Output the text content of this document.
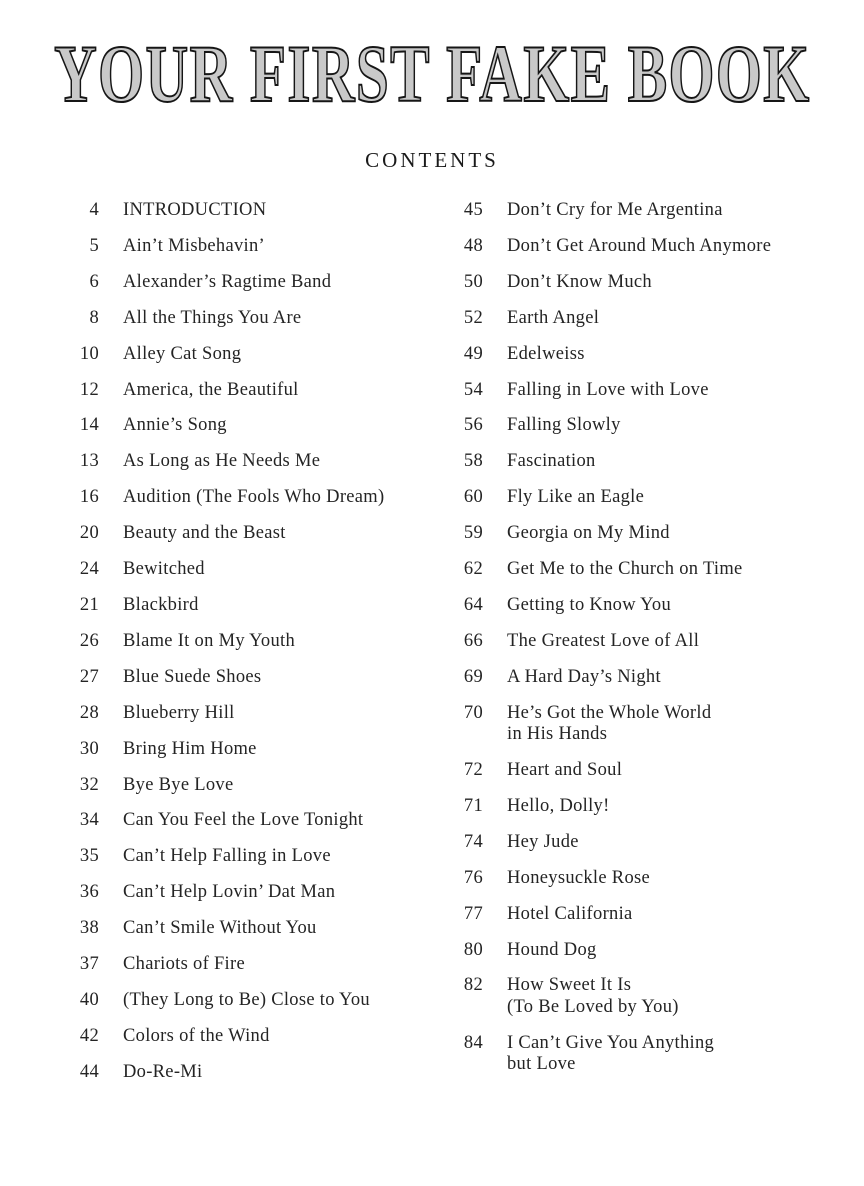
YOUR FIRST FAKE BOOK
CONTENTS
4 INTRODUCTION
5 Ain’t Misbehavin’
6 Alexander’s Ragtime Band
8 All the Things You Are
10 Alley Cat Song
12 America, the Beautiful
14 Annie’s Song
13 As Long as He Needs Me
16 Audition (The Fools Who Dream)
20 Beauty and the Beast
24 Bewitched
21 Blackbird
26 Blame It on My Youth
27 Blue Suede Shoes
28 Blueberry Hill
30 Bring Him Home
32 Bye Bye Love
34 Can You Feel the Love Tonight
35 Can’t Help Falling in Love
36 Can’t Help Lovin’ Dat Man
38 Can’t Smile Without You
37 Chariots of Fire
40 (They Long to Be) Close to You
42 Colors of the Wind
44 Do-Re-Mi
45 Don’t Cry for Me Argentina
48 Don’t Get Around Much Anymore
50 Don’t Know Much
52 Earth Angel
49 Edelweiss
54 Falling in Love with Love
56 Falling Slowly
58 Fascination
60 Fly Like an Eagle
59 Georgia on My Mind
62 Get Me to the Church on Time
64 Getting to Know You
66 The Greatest Love of All
69 A Hard Day’s Night
70 He’s Got the Whole World
in His Hands
72 Heart and Soul
71 Hello, Dolly!
74 Hey Jude
76 Honeysuckle Rose
77 Hotel California
80 Hound Dog
82 How Sweet It Is
(To Be Loved by You)
84 I Can’t Give You Anything
but Love
